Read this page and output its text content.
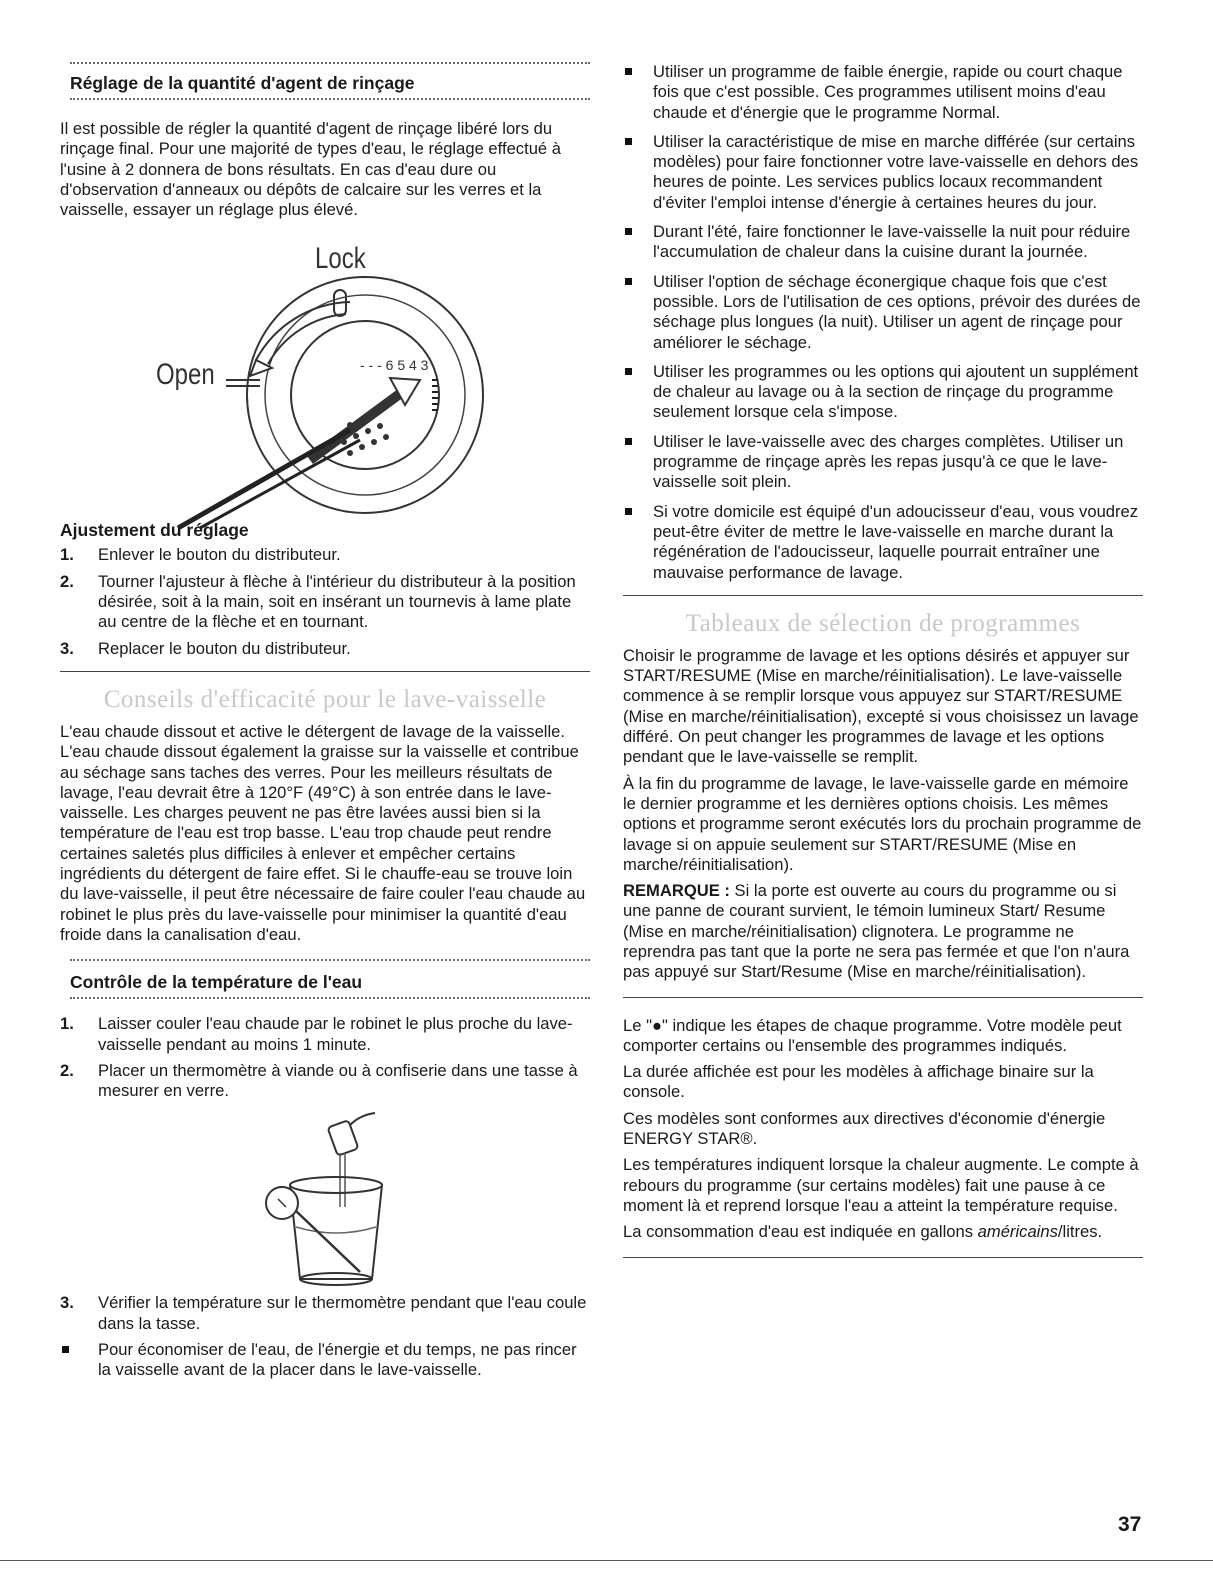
Réglage de la quantité d'agent de rinçage

Il est possible de régler la quantité d'agent de rinçage libéré lors du rinçage final. Pour une majorité de types d'eau, le réglage effectué à l'usine à 2 donnera de bons résultats. En cas d'eau dure ou d'observation d'anneaux ou dépôts de calcaire sur les verres et la vaisselle, essayer un réglage plus élevé.

Lock
Open	- - - 6 5 4 3
Ajustement du réglage
1. Enlever le bouton du distributeur.
2. Tourner l'ajusteur à flèche à l'intérieur du distributeur à la position désirée, soit à la main, soit en insérant un tournevis à lame plate au centre de la flèche et en tournant.
3. Replacer le bouton du distributeur.
Conseils d'efficacité pour le lave-vaisselle

L'eau chaude dissout et active le détergent de lavage de la vaisselle. L'eau chaude dissout également la graisse sur la vaisselle et contribue au séchage sans taches des verres. Pour les meilleurs résultats de lavage, l'eau devrait être à 120°F (49°C) à son entrée dans le lave-vaisselle. Les charges peuvent ne pas être lavées aussi bien si la température de l'eau est trop basse. L'eau trop chaude peut rendre certaines saletés plus difficiles à enlever et empêcher certains ingrédients du détergent de faire effet. Si le chauffe-eau se trouve loin du lave-vaisselle, il peut être nécessaire de faire couler l'eau chaude au robinet le plus près du lave-vaisselle pour minimiser la quantité d'eau froide dans la canalisation d'eau.

Contrôle de la température de l'eau
1. Laisser couler l'eau chaude par le robinet le plus proche du lave-vaisselle pendant au moins 1 minute.
2. Placer un thermomètre à viande ou à confiserie dans une tasse à mesurer en verre.
3. Vérifier la température sur le thermomètre pendant que l'eau coule dans la tasse.
Pour économiser de l'eau, de l'énergie et du temps, ne pas rincer la vaisselle avant de la placer dans le lave-vaisselle.
Utiliser un programme de faible énergie, rapide ou court chaque fois que c'est possible. Ces programmes utilisent moins d'eau chaude et d'énergie que le programme Normal.
Utiliser la caractéristique de mise en marche différée (sur certains modèles) pour faire fonctionner votre lave-vaisselle en dehors des heures de pointe. Les services publics locaux recommandent d'éviter l'emploi intense d'énergie à certaines heures du jour.
Durant l'été, faire fonctionner le lave-vaisselle la nuit pour réduire l'accumulation de chaleur dans la cuisine durant la journée.
Utiliser l'option de séchage éconergique chaque fois que c'est possible. Lors de l'utilisation de ces options, prévoir des durées de séchage plus longues (la nuit). Utiliser un agent de rinçage pour améliorer le séchage.
Utiliser les programmes ou les options qui ajoutent un supplément de chaleur au lavage ou à la section de rinçage du programme seulement lorsque cela s'impose.
Utiliser le lave-vaisselle avec des charges complètes. Utiliser un programme de rinçage après les repas jusqu'à ce que le lave-vaisselle soit plein.
Si votre domicile est équipé d'un adoucisseur d'eau, vous voudrez peut-être éviter de mettre le lave-vaisselle en marche durant la régénération de l'adoucisseur, laquelle pourrait entraîner une mauvaise performance de lavage.
Tableaux de sélection de programmes

Choisir le programme de lavage et les options désirés et appuyer sur START/RESUME (Mise en marche/réinitialisation). Le lave-vaisselle commence à se remplir lorsque vous appuyez sur START/RESUME (Mise en marche/réinitialisation), excepté si vous choisissez un lavage différé. On peut changer les programmes de lavage et les options pendant que le lave-vaisselle se remplit.

À la fin du programme de lavage, le lave-vaisselle garde en mémoire le dernier programme et les dernières options choisis. Les mêmes options et programme seront exécutés lors du prochain programme de lavage si on appuie seulement sur START/RESUME (Mise en marche/réinitialisation).

REMARQUE : Si la porte est ouverte au cours du programme ou si une panne de courant survient, le témoin lumineux Start/ Resume (Mise en marche/réinitialisation) clignotera. Le programme ne reprendra pas tant que la porte ne sera pas fermée et que l'on n'aura pas appuyé sur Start/Resume (Mise en marche/réinitialisation).

Le "●" indique les étapes de chaque programme. Votre modèle peut comporter certains ou l'ensemble des programmes indiqués.

La durée affichée est pour les modèles à affichage binaire sur la console.

Ces modèles sont conformes aux directives d'économie d'énergie ENERGY STAR®.

Les températures indiquent lorsque la chaleur augmente. Le compte à rebours du programme (sur certains modèles) fait une pause à ce moment là et reprend lorsque l'eau a atteint la température requise.

La consommation d'eau est indiquée en gallons américains/litres.

37
